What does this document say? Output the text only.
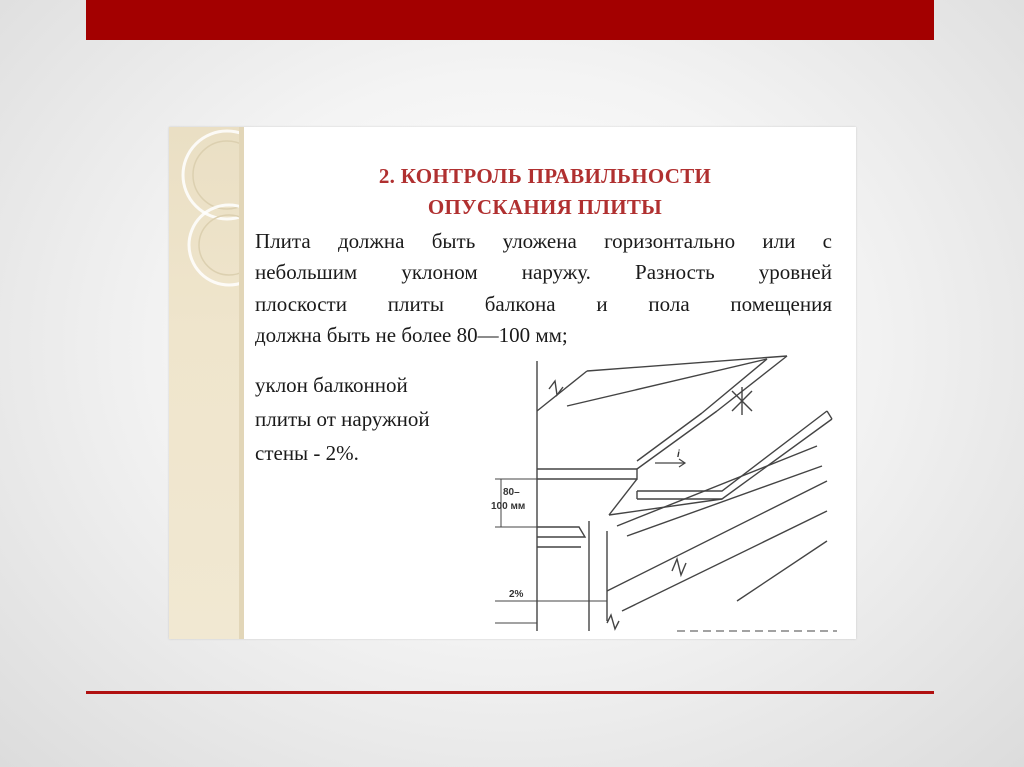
2. КОНТРОЛЬ ПРАВИЛЬНОСТИ
ОПУСКАНИЯ ПЛИТЫ
Плита должна быть уложена горизонтально или с
небольшим уклоном наружу. Разность уровней
плоскости плиты балкона и пола помещения
должна быть не более 80—100 мм;
уклон балконной
плиты от наружной
стены - 2%.
80–
100 мм
2%
i
